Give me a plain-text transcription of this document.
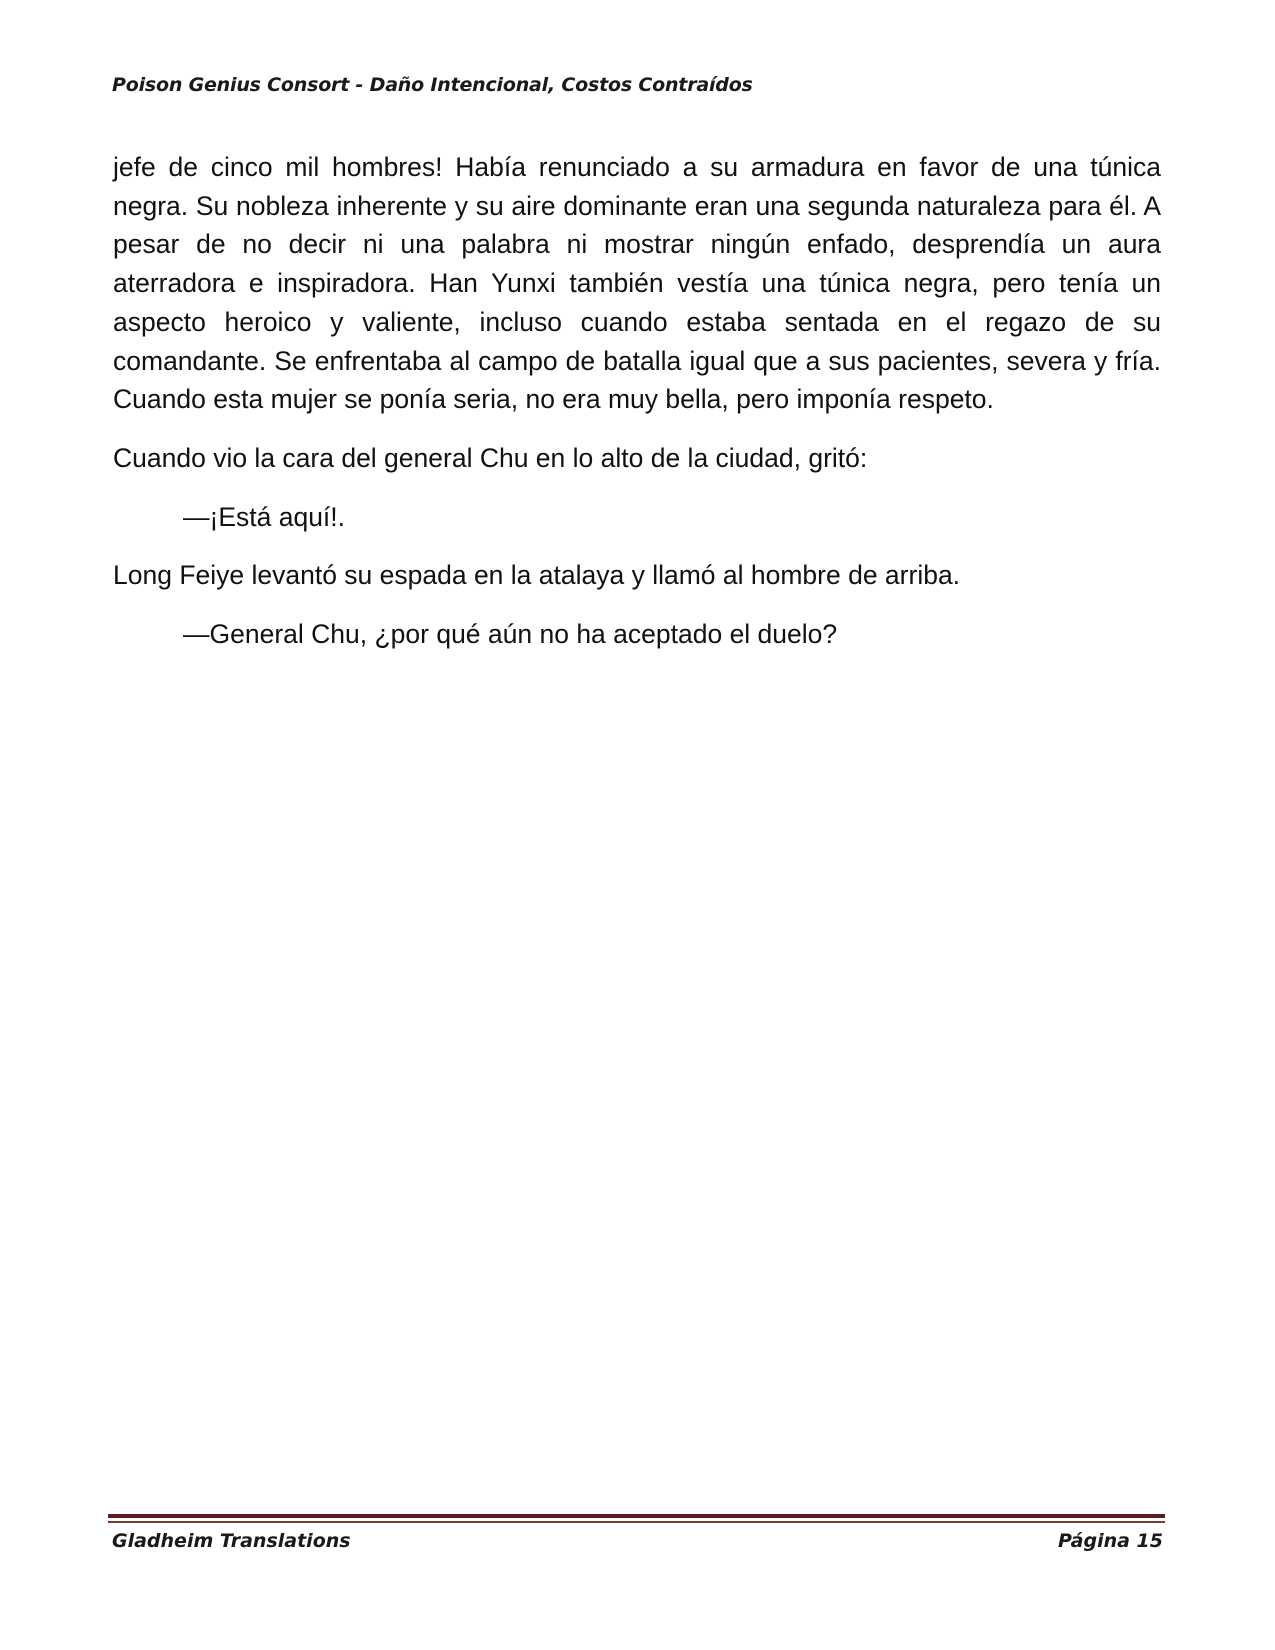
Poison Genius Consort - Daño Intencional, Costos Contraídos

jefe de cinco mil hombres! Había renunciado a su armadura en favor de una túnica negra. Su nobleza inherente y su aire dominante eran una segunda naturaleza para él. A pesar de no decir ni una palabra ni mostrar ningún enfado, desprendía un aura aterradora e inspiradora. Han Yunxi también vestía una túnica negra, pero tenía un aspecto heroico y valiente, incluso cuando estaba sentada en el regazo de su comandante. Se enfrentaba al campo de batalla igual que a sus pacientes, severa y fría. Cuando esta mujer se ponía seria, no era muy bella, pero imponía respeto.

Cuando vio la cara del general Chu en lo alto de la ciudad, gritó:

—¡Está aquí!.

Long Feiye levantó su espada en la atalaya y llamó al hombre de arriba.

—General Chu, ¿por qué aún no ha aceptado el duelo?

Gladheim Translations	Página 15
